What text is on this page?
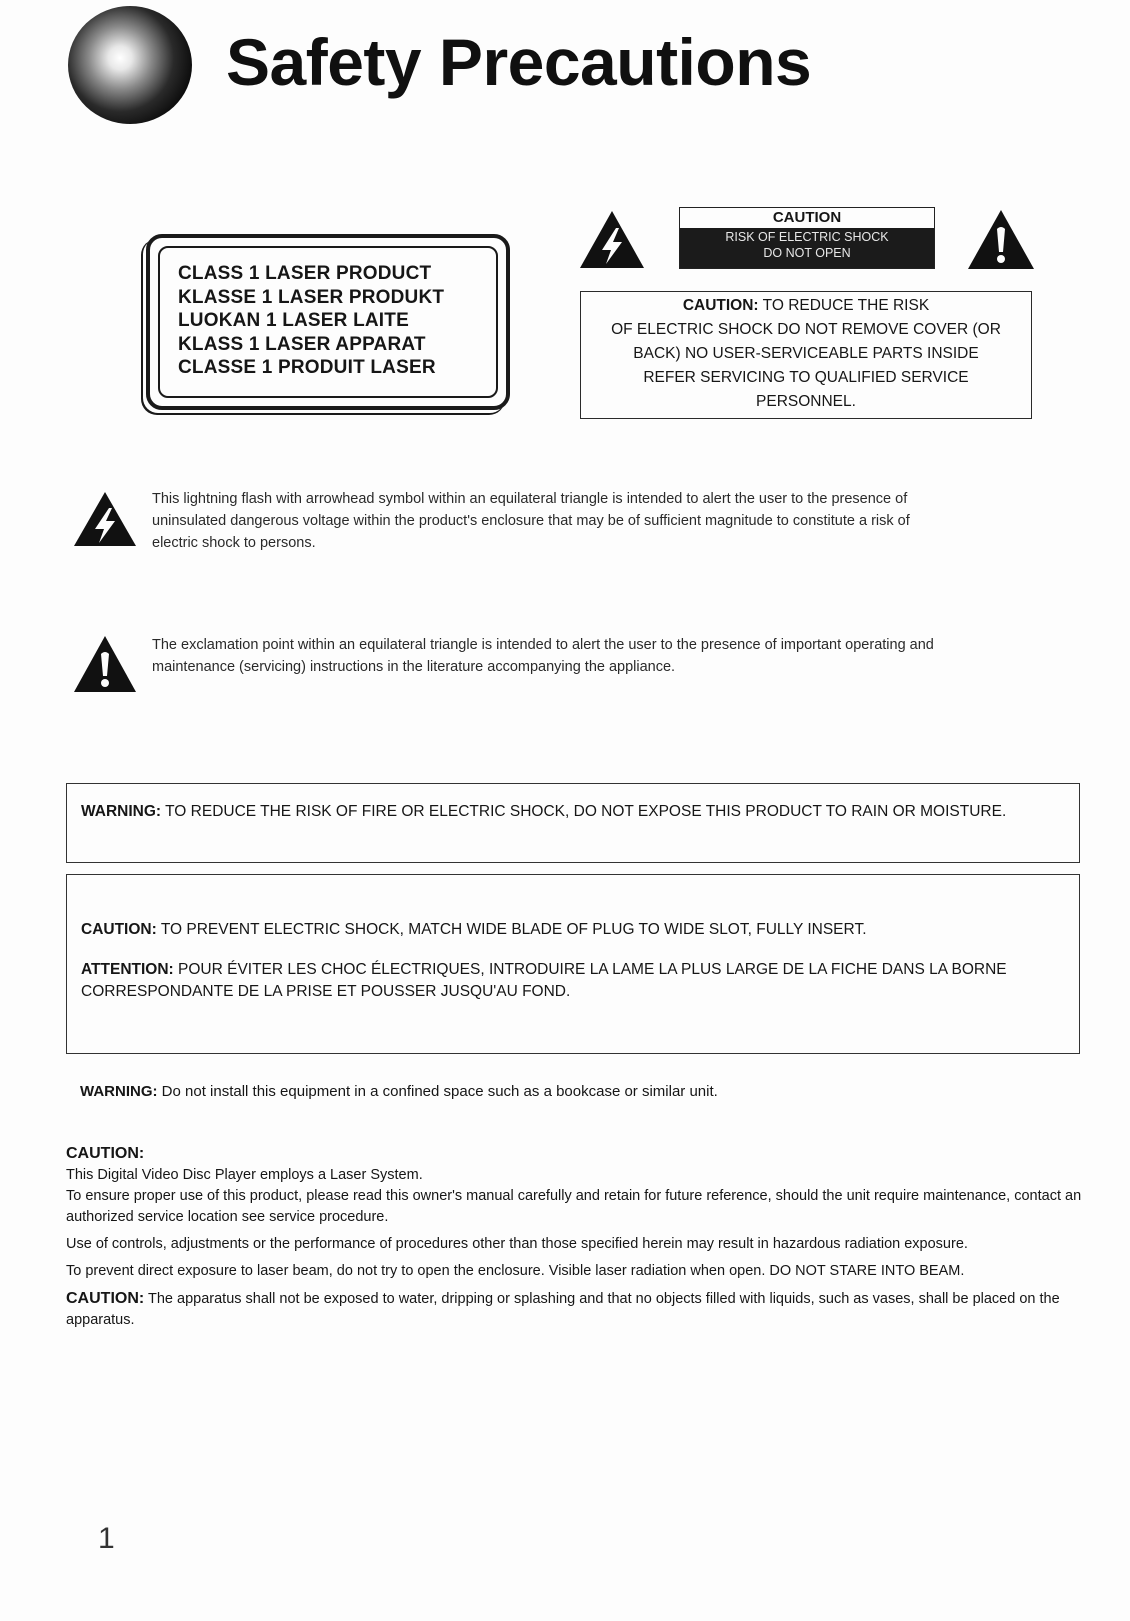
Safety Precautions
CLASS 1 LASER PRODUCT
KLASSE 1 LASER PRODUKT
LUOKAN 1 LASER LAITE
KLASS 1 LASER APPARAT
CLASSE 1 PRODUIT LASER
CAUTION
RISK OF ELECTRIC SHOCK
DO NOT OPEN
CAUTION: TO REDUCE THE RISK
OF ELECTRIC SHOCK DO NOT REMOVE COVER (OR
BACK) NO USER-SERVICEABLE PARTS INSIDE
REFER SERVICING TO QUALIFIED SERVICE
PERSONNEL.
This lightning flash with arrowhead symbol within an equilateral triangle is intended to alert the user to the presence of uninsulated dangerous voltage within the product's enclosure that may be of sufficient magnitude to constitute a risk of electric shock to persons.
The exclamation point within an equilateral triangle is intended to alert the user to the presence of important operating and maintenance (servicing) instructions in the literature accompanying the appliance.
WARNING: TO REDUCE THE RISK OF FIRE OR ELECTRIC SHOCK, DO NOT EXPOSE THIS PRODUCT TO RAIN OR MOISTURE.

CAUTION: TO PREVENT ELECTRIC SHOCK, MATCH WIDE BLADE OF PLUG TO WIDE SLOT, FULLY INSERT.

ATTENTION: POUR ÉVITER LES CHOC ÉLECTRIQUES, INTRODUIRE LA LAME LA PLUS LARGE DE LA FICHE DANS LA BORNE CORRESPONDANTE DE LA PRISE ET POUSSER JUSQU'AU FOND.

WARNING: Do not install this equipment in a confined space such as a bookcase or similar unit.

CAUTION:

This Digital Video Disc Player employs a Laser System.

To ensure proper use of this product, please read this owner's manual carefully and retain for future reference, should the unit require maintenance, contact an authorized service location see service procedure.

Use of controls, adjustments or the performance of procedures other than those specified herein may result in hazardous radiation exposure.

To prevent direct exposure to laser beam, do not try to open the enclosure. Visible laser radiation when open. DO NOT STARE INTO BEAM.

CAUTION: The apparatus shall not be exposed to water, dripping or splashing and that no objects filled with liquids, such as vases, shall be placed on the apparatus.

1
